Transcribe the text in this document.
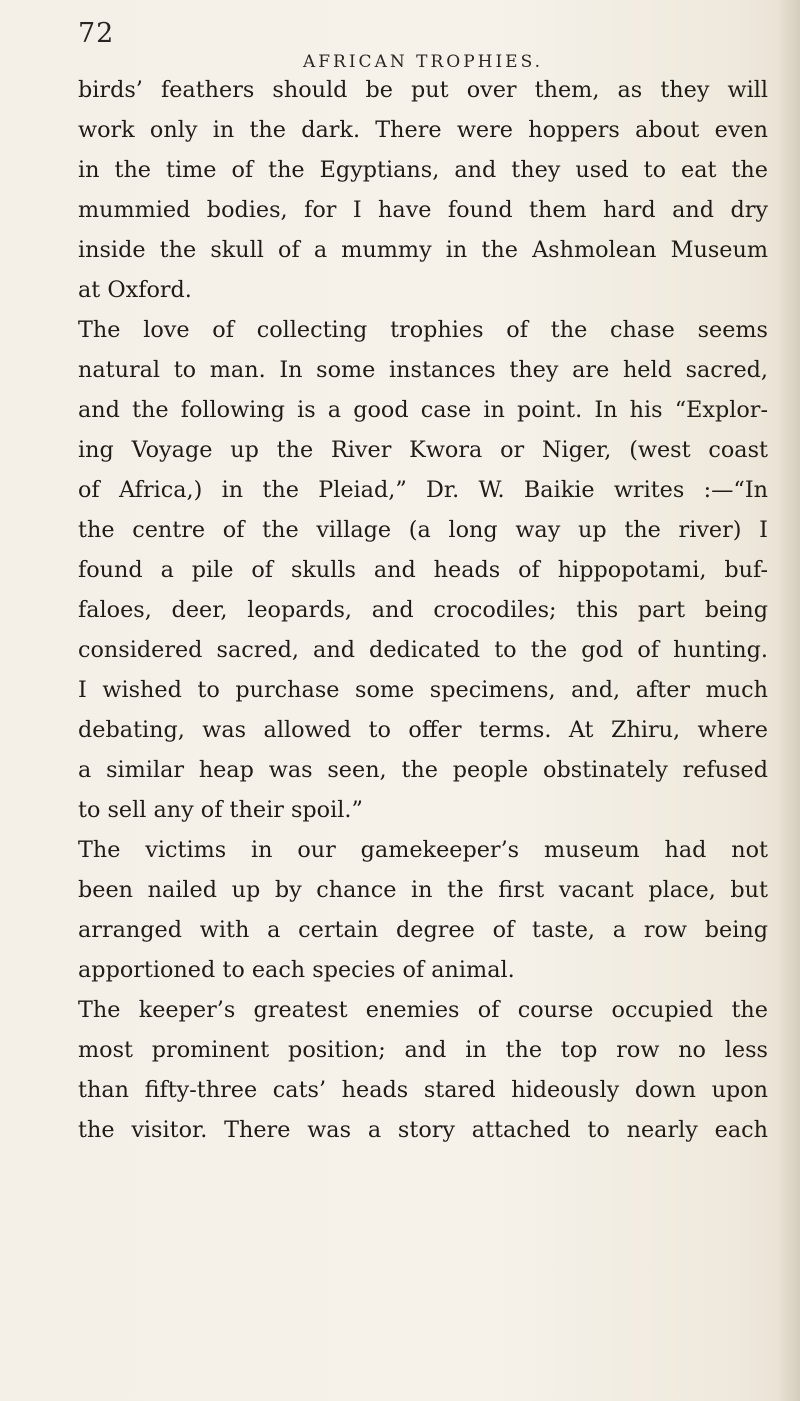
72
AFRICAN TROPHIES.
birds’ feathers should be put over them, as they will
work only in the dark. There were hoppers about even
in the time of the Egyptians, and they used to eat the
mummied bodies, for I have found them hard and dry
inside the skull of a mummy in the Ashmolean Museum
at Oxford.
The love of collecting trophies of the chase seems
natural to man. In some instances they are held sacred,
and the following is a good case in point. In his “Explor-
ing Voyage up the River Kwora or Niger, (west coast
of Africa,) in the Pleiad,” Dr. W. Baikie writes :—“In
the centre of the village (a long way up the river) I
found a pile of skulls and heads of hippopotami, buf-
faloes, deer, leopards, and crocodiles; this part being
considered sacred, and dedicated to the god of hunting.
I wished to purchase some specimens, and, after much
debating, was allowed to offer terms. At Zhiru, where
a similar heap was seen, the people obstinately refused
to sell any of their spoil.”
The victims in our gamekeeper’s museum had not
been nailed up by chance in the first vacant place, but
arranged with a certain degree of taste, a row being
apportioned to each species of animal.
The keeper’s greatest enemies of course occupied the
most prominent position; and in the top row no less
than fifty-three cats’ heads stared hideously down upon
the visitor. There was a story attached to nearly each
